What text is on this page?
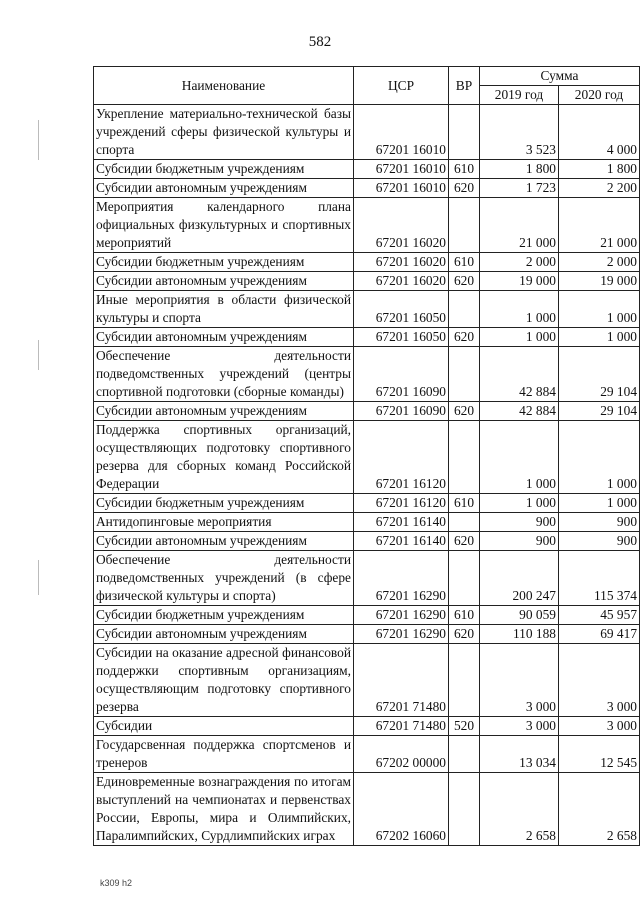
582
Наименование	ЦСР	ВР	Сумма	
			2019 год	2020 год
Укрепление материально-технической базы учреждений сферы физической культуры и спорта	67201 16010		3 523	4 000
Субсидии бюджетным учреждениям	67201 16010	610	1 800	1 800
Субсидии автономным учреждениям	67201 16010	620	1 723	2 200
Мероприятия календарного плана официальных физкультурных и спортивных мероприятий	67201 16020		21 000	21 000
Субсидии бюджетным учреждениям	67201 16020	610	2 000	2 000
Субсидии автономным учреждениям	67201 16020	620	19 000	19 000
Иные мероприятия в области физической культуры и спорта	67201 16050		1 000	1 000
Субсидии автономным учреждениям	67201 16050	620	1 000	1 000
Обеспечение деятельности подведомственных учреждений (центры спортивной подготовки (сборные команды)	67201 16090		42 884	29 104
Субсидии автономным учреждениям	67201 16090	620	42 884	29 104
Поддержка спортивных организаций, осуществляющих подготовку спортивного резерва для сборных команд Российской Федерации	67201 16120		1 000	1 000
Субсидии бюджетным учреждениям	67201 16120	610	1 000	1 000
Антидопинговые мероприятия	67201 16140		900	900
Субсидии автономным учреждениям	67201 16140	620	900	900
Обеспечение деятельности подведомственных учреждений (в сфере физической культуры и спорта)	67201 16290		200 247	115 374
Субсидии бюджетным учреждениям	67201 16290	610	90 059	45 957
Субсидии автономным учреждениям	67201 16290	620	110 188	69 417
Субсидии на оказание адресной финансовой поддержки спортивным организациям, осуществляющим подготовку спортивного резерва	67201 71480		3 000	3 000
Субсидии	67201 71480	520	3 000	3 000
Государсвенная поддержка спортсменов и тренеров	67202 00000		13 034	12 545
Единовременные вознаграждения по итогам выступлений на чемпионатах и первенствах России, Европы, мира и Олимпийских, Паралимпийских, Сурдлимпийских играх	67202 16060		2 658	2 658
k309 h2
